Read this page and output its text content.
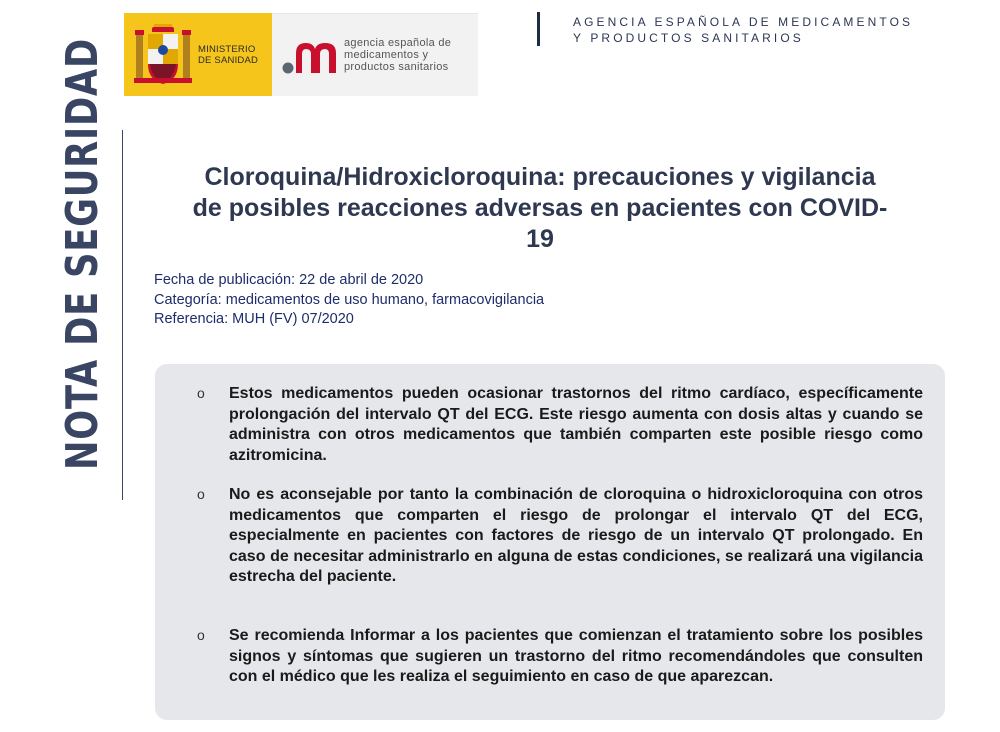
MINISTERIO
DE SANIDAD
agencia española de
medicamentos y
productos sanitarios
AGENCIA ESPAÑOLA DE MEDICAMENTOS
Y PRODUCTOS SANITARIOS
NOTA DE SEGURIDAD	Cloroquina/Hidroxicloroquina: precauciones y vigilancia de posibles reacciones adversas en pacientes con COVID-19
Fecha de publicación: 22 de abril de 2020
Categoría: medicamentos de uso humano, farmacovigilancia
Referencia: MUH (FV) 07/2020
o Estos medicamentos pueden ocasionar trastornos del ritmo cardíaco, específicamente prolongación del intervalo QT del ECG. Este riesgo aumenta con dosis altas y cuando se administra con otros medicamentos que también comparten este posible riesgo como azitromicina.
o No es aconsejable por tanto la combinación de cloroquina o hidroxicloroquina con otros medicamentos que comparten el riesgo de prolongar el intervalo QT del ECG, especialmente en pacientes con factores de riesgo de un intervalo QT prolongado. En caso de necesitar administrarlo en alguna de estas condiciones, se realizará una vigilancia estrecha del paciente.
o Se recomienda Informar a los pacientes que comienzan el tratamiento sobre los posibles signos y síntomas que sugieren un trastorno del ritmo recomendándoles que consulten con el médico que les realiza el seguimiento en caso de que aparezcan.
